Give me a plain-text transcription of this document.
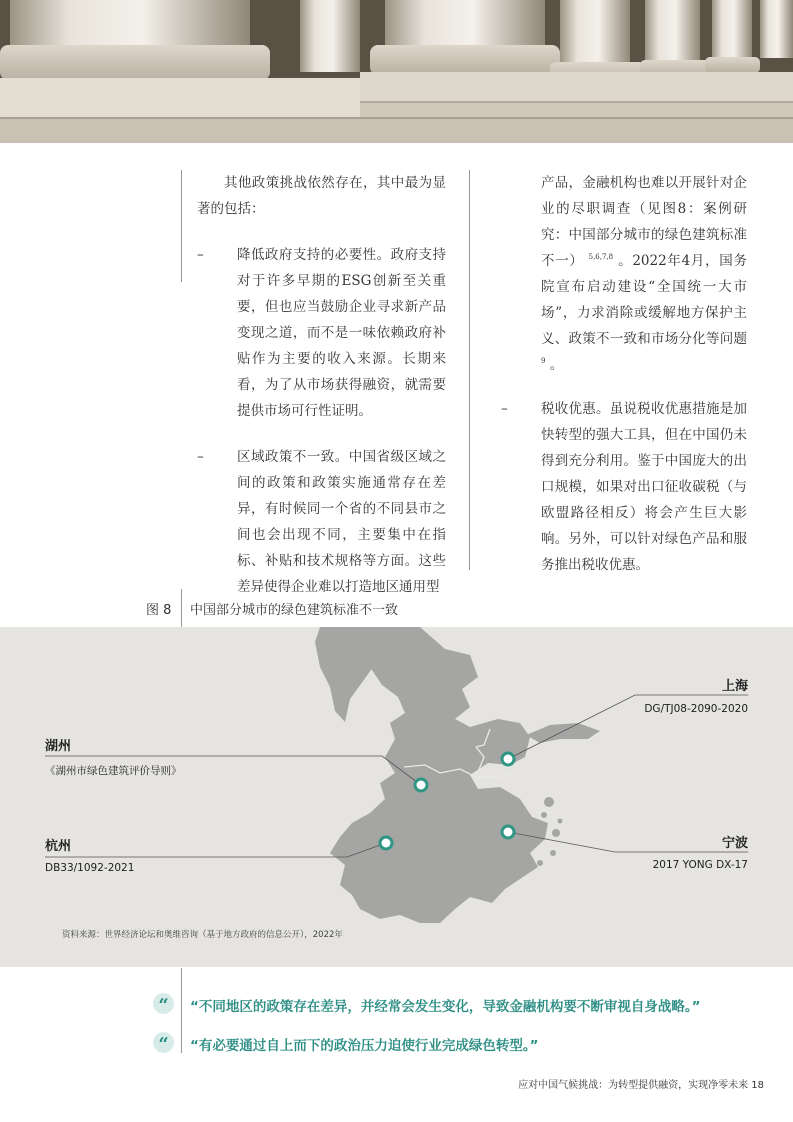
其他政策挑战依然存在，其中最为显著的包括：

–	降低政府支持的必要性。政府支持对于许多早期的ESG创新至关重要，但也应当鼓励企业寻求新产品变现之道，而不是一味依赖政府补贴作为主要的收入来源。长期来看，为了从市场获得融资，就需要提供市场可行性证明。

–	区域政策不一致。中国省级区域之间的政策和政策实施通常存在差异，有时候同一个省的不同县市之间也会出现不同，主要集中在指标、补贴和技术规格等方面。这些差异使得企业难以打造地区通用型

产品，金融机构也难以开展针对企业的尽职调查（见图8：案例研究：中国部分城市的绿色建筑标准不一） $^{5,6,7,8}$ 。2022年4月，国务院宣布启动建设“全国统一大市场”，力求消除或缓解地方保护主义、政策不一致和市场分化等问题$^9$ 。

–	税收优惠。虽说税收优惠措施是加快转型的强大工具，但在中国仍未得到充分利用。鉴于中国庞大的出口规模，如果对出口征收碳税（与欧盟路径相反）将会产生巨大影响。另外，可以针对绿色产品和服务推出税收优惠。

图 8 中国部分城市的绿色建筑标准不一致
上海
DG/TJ08-2090-2020
湖州
《湖州市绿色建筑评价导则》
杭州
DB33/1092-2021
宁波
2017 YONG DX-17
资料来源：世界经济论坛和奥维咨询（基于地方政府的信息公开），2022年
“	“不同地区的政策存在差异，并经常会发生变化，导致金融机构要不断审视自身战略。”
“	“有必要通过自上而下的政治压力迫使行业完成绿色转型。”
应对中国气候挑战：为转型提供融资，实现净零未来 18
